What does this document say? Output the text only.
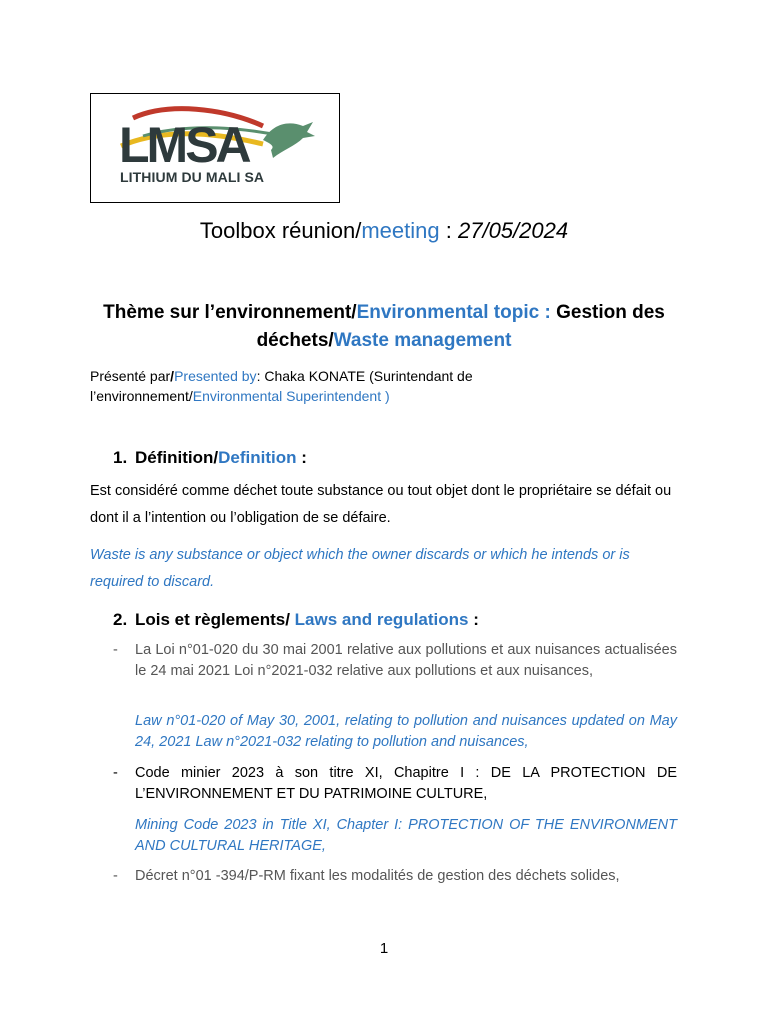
LMSA
LITHIUM DU MALI SA
Toolbox réunion/meeting : 27/05/2024
Thème sur l’environnement/Environmental topic : Gestion des déchets/Waste management
Présenté par/Presented by: Chaka KONATE (Surintendant de l’environnement/Environmental Superintendent )
1. Définition/Definition :

Est considéré comme déchet toute substance ou tout objet dont le propriétaire se défait ou dont il a l’intention ou l’obligation de se défaire.

Waste is any substance or object which the owner discards or which he intends or is required to discard.

2. Lois et règlements/ Laws and regulations :
- La Loi n°01-020 du 30 mai 2001 relative aux pollutions et aux nuisances actualisées le 24 mai 2021 Loi n°2021-032 relative aux pollutions et aux nuisances,

Law n°01-020 of May 30, 2001, relating to pollution and nuisances updated on May 24, 2021 Law n°2021-032 relating to pollution and nuisances,

- Code minier 2023 à son titre XI, Chapitre I : DE LA PROTECTION DE L’ENVIRONNEMENT ET DU PATRIMOINE CULTURE,

Mining Code 2023 in Title XI, Chapter I: PROTECTION OF THE ENVIRONMENT AND CULTURAL HERITAGE,

- Décret n°01 -394/P-RM fixant les modalités de gestion des déchets solides,

1
